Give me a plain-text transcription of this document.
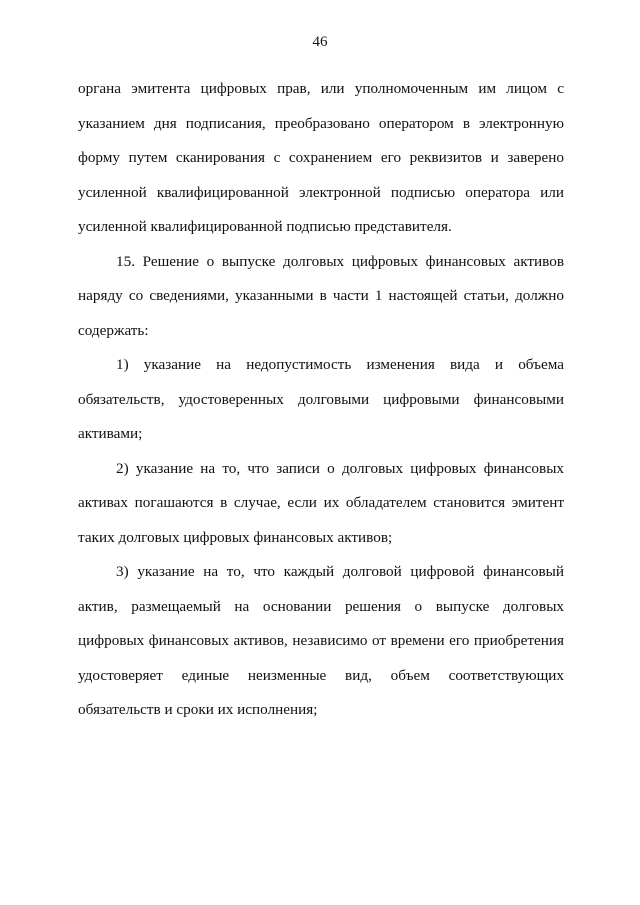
46

органа эмитента цифровых прав, или уполномоченным им лицом с указанием дня подписания, преобразовано оператором в электронную форму путем сканирования с сохранением его реквизитов и заверено усиленной квалифицированной электронной подписью оператора или усиленной квалифицированной подписью представителя.

15. Решение о выпуске долговых цифровых финансовых активов наряду со сведениями, указанными в части 1 настоящей статьи, должно содержать:

1) указание на недопустимость изменения вида и объема обязательств, удостоверенных долговыми цифровыми финансовыми активами;

2) указание на то, что записи о долговых цифровых финансовых активах погашаются в случае, если их обладателем становится эмитент таких долговых цифровых финансовых активов;

3) указание на то, что каждый долговой цифровой финансовый актив, размещаемый на основании решения о выпуске долговых цифровых финансовых активов, независимо от времени его приобретения удостоверяет единые неизменные вид, объем соответствующих обязательств и сроки их исполнения;
